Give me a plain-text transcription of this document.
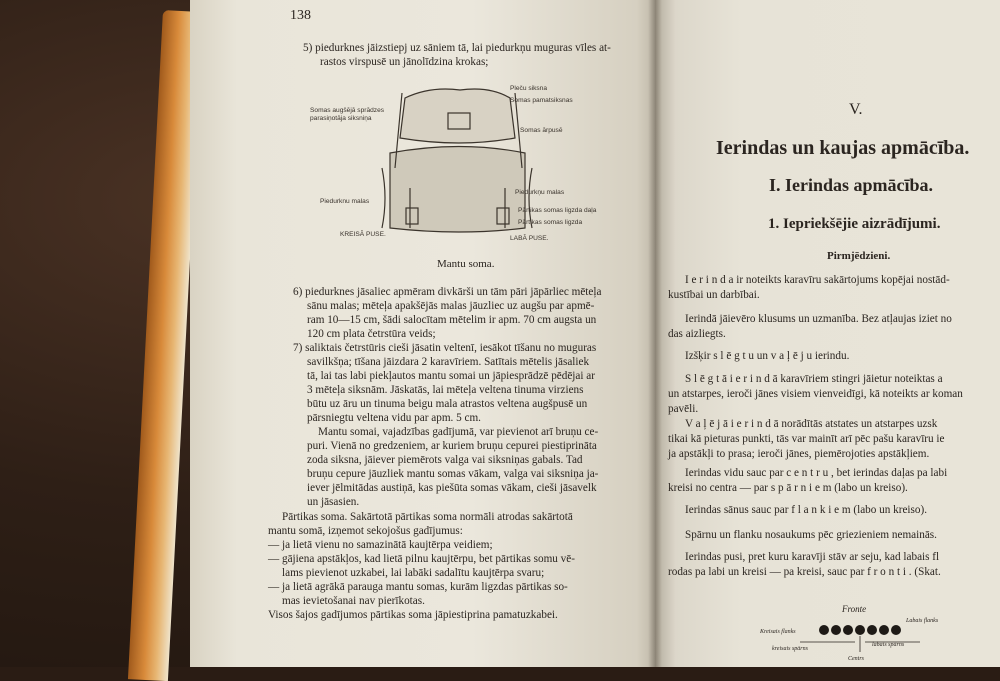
138
5) piedurknes jāizstiepj uz sāniem tā, lai piedurkņu muguras vīles at-
rastos virspusē un jānolīdzina krokas;
Pleču siksna
Somas pamatsiksnas
Somas augšējā sprādzes
parasiņotāja siksniņa
Somas ārpusē
Piedurkņu malas
Piedurknu malas
Pārtikas somas ligzda daļa
Pārtikas somas ligzda
KREISĀ PUSE.
LABĀ PUSE.
Mantu soma.
6) piedurknes jāsalieс apmēram divkārši un tām pāri jāpārliec mēteļa
sānu malas; mēteļa apakšējās malas jāuzliec uz augšu par apmē-
ram 10—15 cm, šādi salocītam mētelim ir apm. 70 cm augsta un
120 cm plata četrstūra veids;
7) saliktais četrstūris cieši jāsatin veltenī, iesākot tīšanu no muguras
savilkšņa; tīšana jāizdara 2 karavīriem. Satītais mētelis jāsaliek
tā, lai tas labi piekļautos mantu somai un jāpiesprādzē pēdējai ar
3 mēteļa siksnām. Jāskatās, lai mēteļa veltena tinuma virziens
būtu uz āru un tinuma beigu mala atrastos veltena augšpusē un
pārsniegtu veltena vidu par apm. 5 cm.
Mantu somai, vajadzības gadījumā, var pievienot arī bruņu ce-
puri. Vienā no gredzeniem, ar kuriem bruņu cepurei piestiprināta
zoda siksna, jāiever piemērots valga vai siksniņas gabals. Tad
bruņu cepure jāuzliek mantu somas vākam, valga vai siksniņa ja-
iever jēlmitādas austiņā, kas piešūta somas vākam, cieši jāsavelk
un jāsasien.
Pārtikas soma. Sakārtotā pārtikas soma normāli atrodas sakārtotā
mantu somā, izņemot sekojošus gadījumus:
— ja lietā vienu no samazinātā kaujtērpa veidiem;
— gājiena apstākļos, kad lietā pilnu kaujtērpu, bet pārtikas somu vē-
lams pievienot uzkabei, lai labāki sadalītu kaujtērpa svaru;
— ja lietā agrākā parauga mantu somas, kurām ligzdas pārtikas so-
mas ievietošanai nav pierīkotas.
Visos šajos gadījumos pārtikas soma jāpiestiprina pamatuzkabei.
V.
Ierindas un kaujas apmācība.
I. Ierindas apmācība.
1. Iepriekšējie aizrādījumi.
Pirmjēdzieni.
I e r i n d a ir noteikts karavīru sakārtojums kopējai nostād-
kustībai un darbībai.
Ierindā jāievēro klusums un uzmanība. Bez atļaujas iziet no
das aizliegts.
Izšķir s l ē g t u un v a ļ ē j u ierindu.
S l ē g t ā i e r i n d ā karavīriem stingri jāietur noteiktas a
un atstarpes, ieroči jānes visiem vienveidīgi, kā noteikts ar koman
pavēli.
V a ļ ē j ā i e r i n d ā norādītās atstates un atstarpes uzsk
tikai kā pieturas punkti, tās var mainīt arī pēc pašu karavīru ie
ja apstākļi to prasa; ieroči jānes, piemērojoties apstākļiem.
Ierindas vidu sauc par c e n t r u , bet ierindas daļas pa labi
kreisi no centra — par s p ā r n i e m (labo un kreiso).
Ierindas sānus sauc par f l a n k i e m (labo un kreiso).
Spārnu un flanku nosaukums pēc griezieniem nemainās.
Ierindas pusi, pret kuru karavīji stāv ar seju, kad labais fl
rodas pa labi un kreisi — pa kreisi, sauc par f r o n t i . (Skat.
Fronte
Kreisais flanks
Labais flanks
kreisais spārns
labais spārns
Centrs
